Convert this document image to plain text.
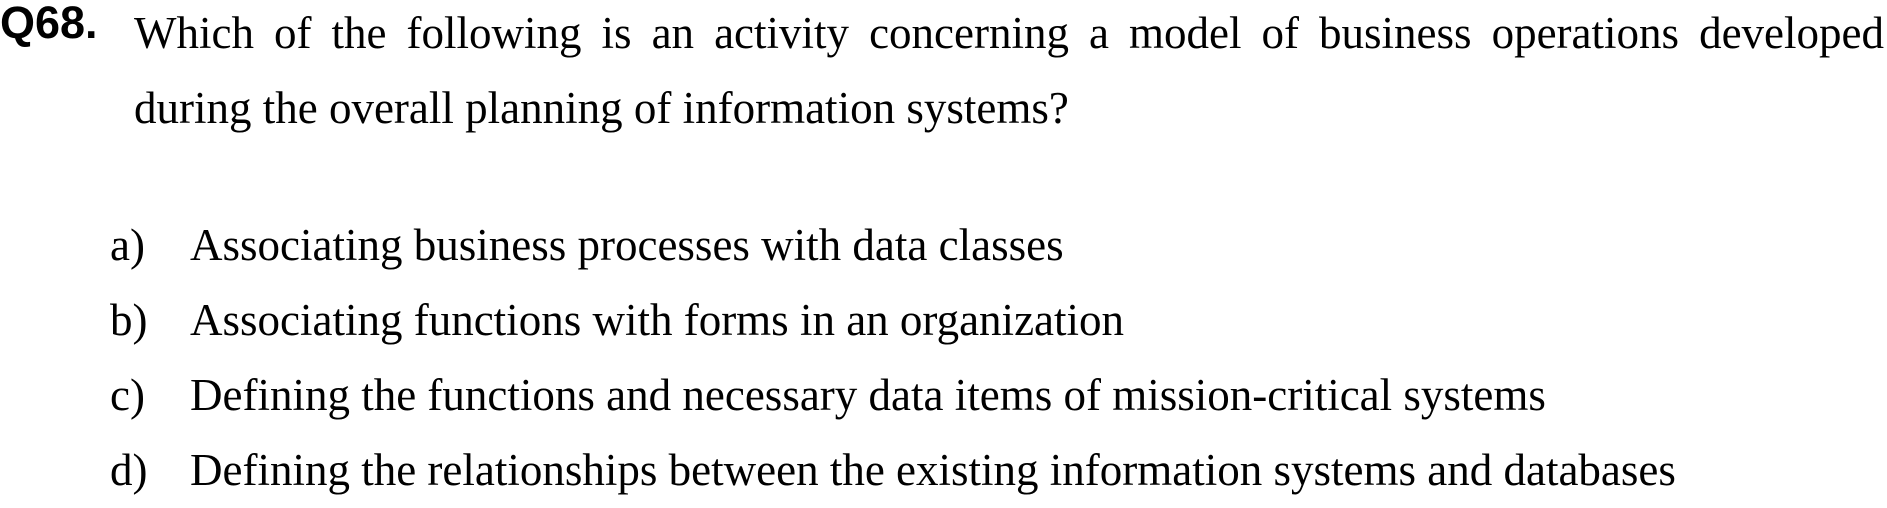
Q68. Which of the following is an activity concerning a model of business operations developed during the overall planning of information systems?

a) Associating business processes with data classes
b) Associating functions with forms in an organization
c) Defining the functions and necessary data items of mission-critical systems
d) Defining the relationships between the existing information systems and databases
